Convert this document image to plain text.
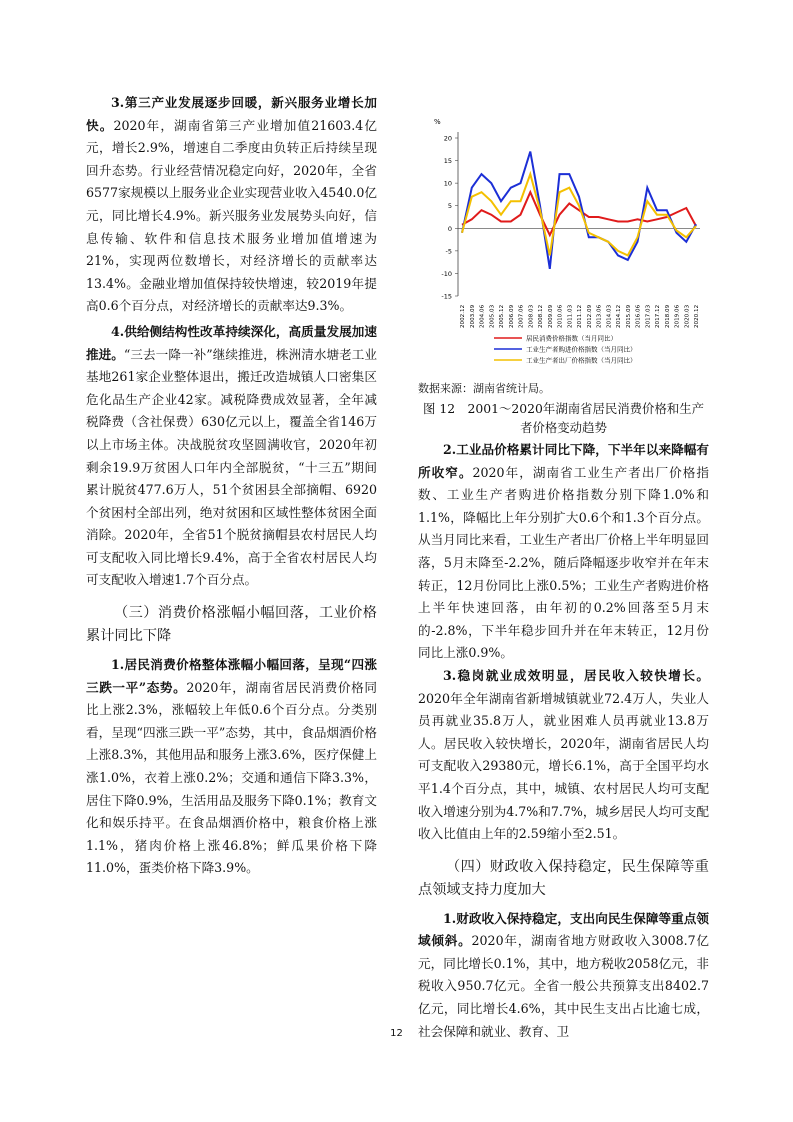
3.第三产业发展逐步回暖，新兴服务业增长加快。2020年，湖南省第三产业增加值21603.4亿元，增长2.9%，增速自二季度由负转正后持续呈现回升态势。行业经营情况稳定向好，2020年，全省6577家规模以上服务业企业实现营业收入4540.0亿元，同比增长4.9%。新兴服务业发展势头向好，信息传输、软件和信息技术服务业增加值增速为21%，实现两位数增长，对经济增长的贡献率达13.4%。金融业增加值保持较快增速，较2019年提高0.6个百分点，对经济增长的贡献率达9.3%。

4.供给侧结构性改革持续深化，高质量发展加速推进。“三去一降一补”继续推进，株洲清水塘老工业基地261家企业整体退出，搬迁改造城镇人口密集区危化品生产企业42家。减税降费成效显著，全年减税降费（含社保费）630亿元以上，覆盖全省146万以上市场主体。决战脱贫攻坚圆满收官，2020年初剩余19.9万贫困人口年内全部脱贫，“十三五”期间累计脱贫477.6万人，51个贫困县全部摘帽、6920个贫困村全部出列，绝对贫困和区域性整体贫困全面消除。2020年，全省51个脱贫摘帽县农村居民人均可支配收入同比增长9.4%，高于全省农村居民人均可支配收入增速1.7个百分点。

（三）消费价格涨幅小幅回落，工业价格累计同比下降

1.居民消费价格整体涨幅小幅回落，呈现“四涨三跌一平”态势。2020年，湖南省居民消费价格同比上涨2.3%，涨幅较上年低0.6个百分点。分类别看，呈现“四涨三跌一平”态势，其中，食品烟酒价格上涨8.3%，其他用品和服务上涨3.6%，医疗保健上涨1.0%，衣着上涨0.2%；交通和通信下降3.3%，居住下降0.9%，生活用品及服务下降0.1%；教育文化和娱乐持平。在食品烟酒价格中，粮食价格上涨1.1%，猪肉价格上涨46.8%；鲜瓜果价格下降11.0%，蛋类价格下降3.9%。

%
20
15
10
5
0
-5
-10
-15
2002.12 2003.09 2004.06 2005.03 2005.12 2006.09 2007.06 2008.03 2008.12 2009.09 2010.06 2011.03 2011.12 2012.09 2013.06 2014.03 2014.12 2015.09 2016.06 2017.03 2017.12 2018.09 2019.06 2020.03 2020.12
居民消费价格指数（当月同比）
工业生产者购进价格指数（当月同比）
工业生产者出厂价格指数（当月同比）

数据来源：湖南省统计局。

图 12　2001～2020年湖南省居民消费价格和生产者价格变动趋势

2.工业品价格累计同比下降，下半年以来降幅有所收窄。2020年，湖南省工业生产者出厂价格指数、工业生产者购进价格指数分别下降1.0%和1.1%，降幅比上年分别扩大0.6个和1.3个百分点。从当月同比来看，工业生产者出厂价格上半年明显回落，5月末降至-2.2%，随后降幅逐步收窄并在年末转正，12月份同比上涨0.5%；工业生产者购进价格上半年快速回落，由年初的0.2%回落至5月末的-2.8%，下半年稳步回升并在年末转正，12月份同比上涨0.9%。

3.稳岗就业成效明显，居民收入较快增长。2020年全年湖南省新增城镇就业72.4万人，失业人员再就业35.8万人，就业困难人员再就业13.8万人。居民收入较快增长，2020年，湖南省居民人均可支配收入29380元，增长6.1%，高于全国平均水平1.4个百分点，其中，城镇、农村居民人均可支配收入增速分别为4.7%和7.7%，城乡居民人均可支配收入比值由上年的2.59缩小至2.51。

（四）财政收入保持稳定，民生保障等重点领域支持力度加大

1.财政收入保持稳定，支出向民生保障等重点领域倾斜。2020年，湖南省地方财政收入3008.7亿元，同比增长0.1%，其中，地方税收2058亿元，非税收入950.7亿元。全省一般公共预算支出8402.7亿元，同比增长4.6%，其中民生支出占比逾七成，社会保障和就业、教育、卫

12
